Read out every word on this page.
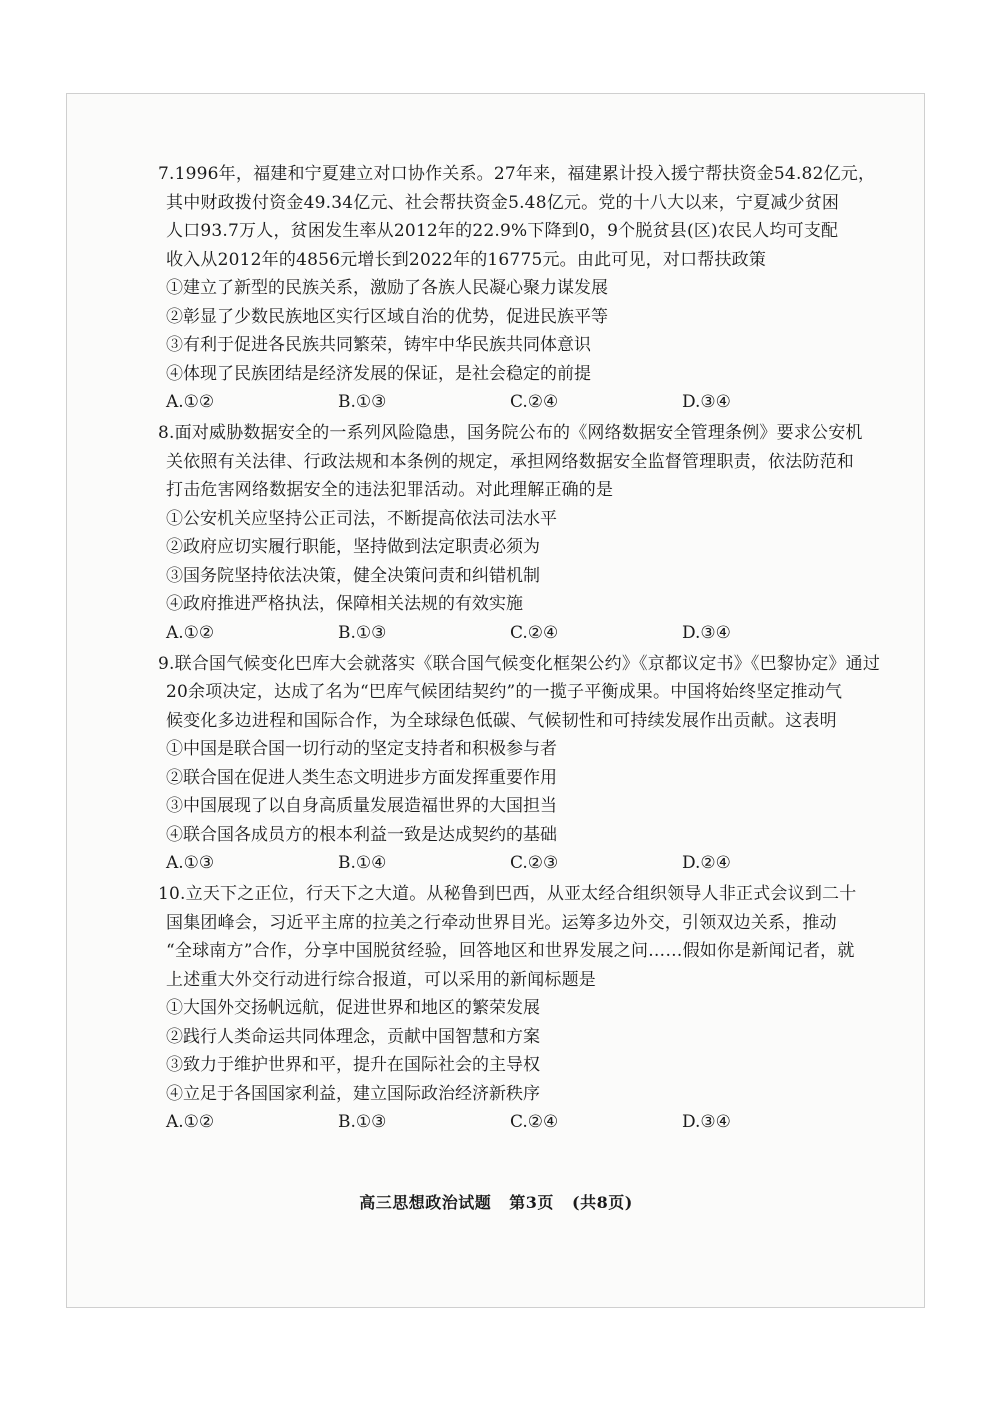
7.1996年，福建和宁夏建立对口协作关系。27年来，福建累计投入援宁帮扶资金54.82亿元，
其中财政拨付资金49.34亿元、社会帮扶资金5.48亿元。党的十八大以来，宁夏减少贫困
人口93.7万人，贫困发生率从2012年的22.9%下降到0，9个脱贫县(区)农民人均可支配
收入从2012年的4856元增长到2022年的16775元。由此可见，对口帮扶政策
①建立了新型的民族关系，激励了各族人民凝心聚力谋发展
②彰显了少数民族地区实行区域自治的优势，促进民族平等
③有利于促进各民族共同繁荣，铸牢中华民族共同体意识
④体现了民族团结是经济发展的保证，是社会稳定的前提
A.①②	B.①③	C.②④	D.③④
8.面对威胁数据安全的一系列风险隐患，国务院公布的《网络数据安全管理条例》要求公安机
关依照有关法律、行政法规和本条例的规定，承担网络数据安全监督管理职责，依法防范和
打击危害网络数据安全的违法犯罪活动。对此理解正确的是
①公安机关应坚持公正司法，不断提高依法司法水平
②政府应切实履行职能，坚持做到法定职责必须为
③国务院坚持依法决策，健全决策问责和纠错机制
④政府推进严格执法，保障相关法规的有效实施
A.①②	B.①③	C.②④	D.③④
9.联合国气候变化巴库大会就落实《联合国气候变化框架公约》《京都议定书》《巴黎协定》通过
20余项决定，达成了名为“巴库气候团结契约”的一揽子平衡成果。中国将始终坚定推动气
候变化多边进程和国际合作，为全球绿色低碳、气候韧性和可持续发展作出贡献。这表明
①中国是联合国一切行动的坚定支持者和积极参与者
②联合国在促进人类生态文明进步方面发挥重要作用
③中国展现了以自身高质量发展造福世界的大国担当
④联合国各成员方的根本利益一致是达成契约的基础
A.①③	B.①④	C.②③	D.②④
10.立天下之正位，行天下之大道。从秘鲁到巴西，从亚太经合组织领导人非正式会议到二十
国集团峰会，习近平主席的拉美之行牵动世界目光。运筹多边外交，引领双边关系，推动
“全球南方”合作，分享中国脱贫经验，回答地区和世界发展之问……假如你是新闻记者，就
上述重大外交行动进行综合报道，可以采用的新闻标题是
①大国外交扬帆远航，促进世界和地区的繁荣发展
②践行人类命运共同体理念，贡献中国智慧和方案
③致力于维护世界和平，提升在国际社会的主导权
④立足于各国国家利益，建立国际政治经济新秩序
A.①②	B.①③	C.②④	D.③④
高三思想政治试题 第3页 (共8页)
